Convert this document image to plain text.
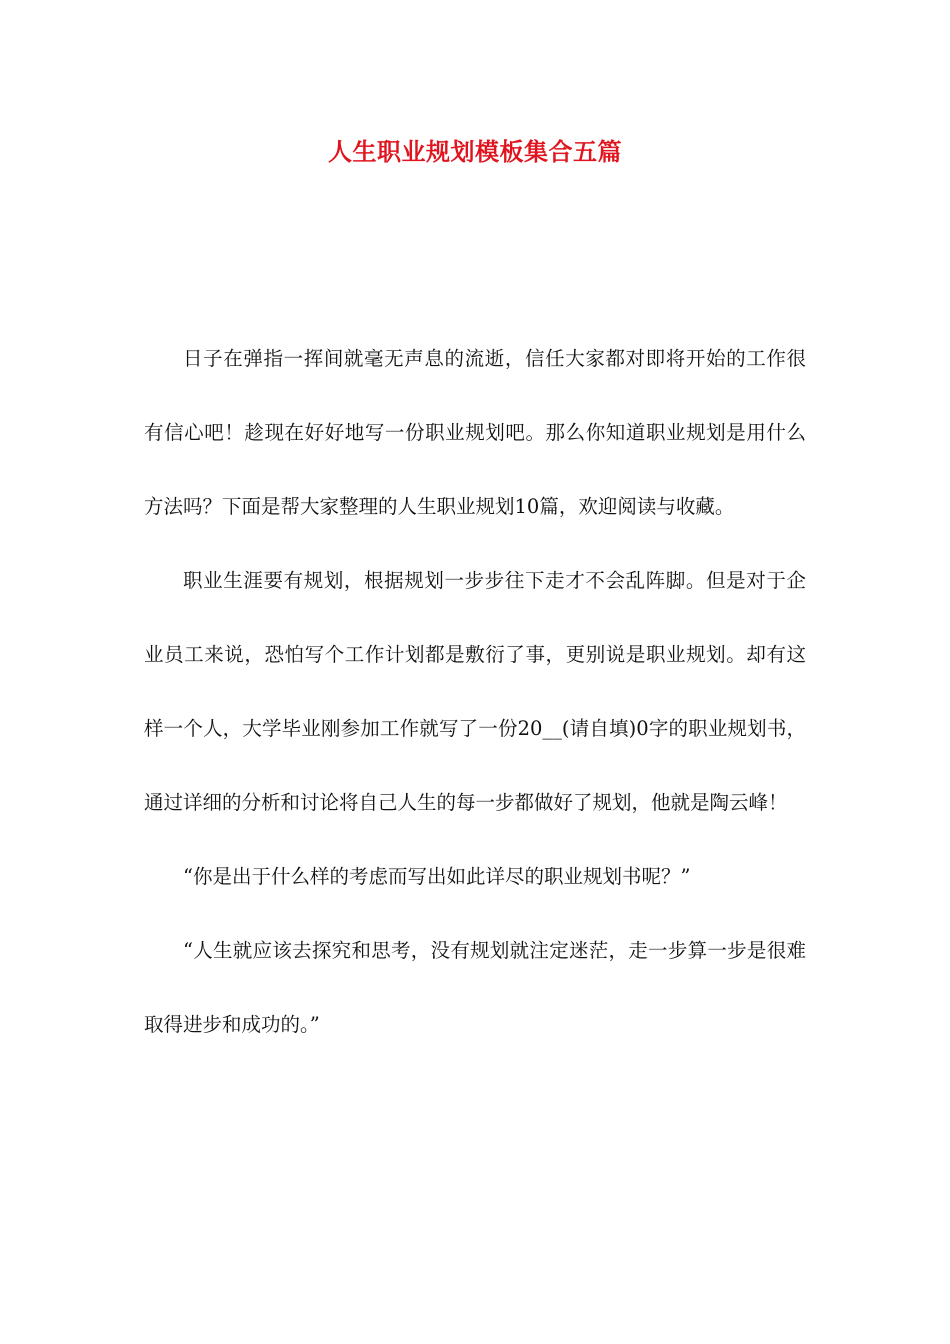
人生职业规划模板集合五篇

日子在弹指一挥间就毫无声息的流逝，信任大家都对即将开始的工作很有信心吧！趁现在好好地写一份职业规划吧。那么你知道职业规划是用什么方法吗？下面是帮大家整理的人生职业规划10篇，欢迎阅读与收藏。

职业生涯要有规划，根据规划一步步往下走才不会乱阵脚。但是对于企业员工来说，恐怕写个工作计划都是敷衍了事，更别说是职业规划。却有这样一个人，大学毕业刚参加工作就写了一份20__(请自填)0字的职业规划书，通过详细的分析和讨论将自己人生的每一步都做好了规划，他就是陶云峰！

“你是出于什么样的考虑而写出如此详尽的职业规划书呢？”

“人生就应该去探究和思考，没有规划就注定迷茫，走一步算一步是很难取得进步和成功的。”
